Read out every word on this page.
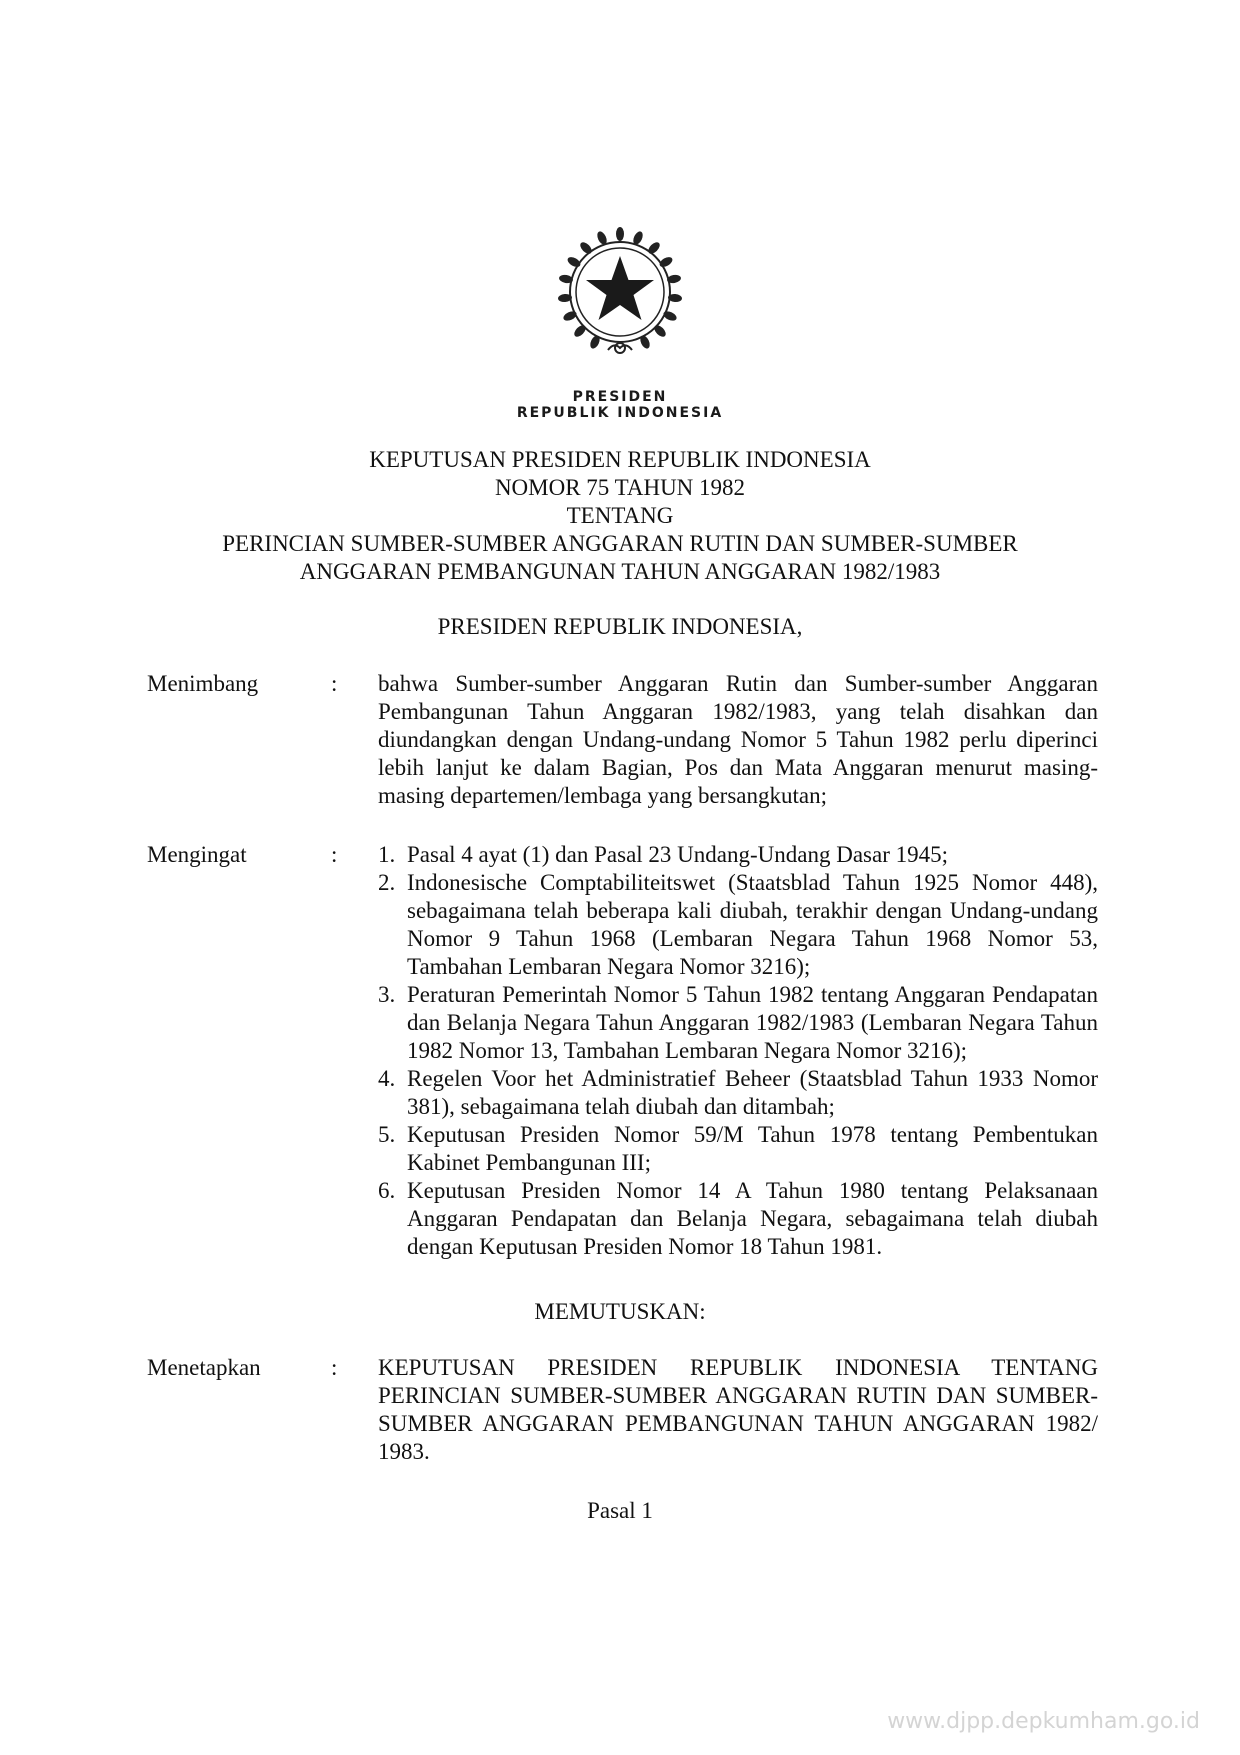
PRESIDEN
REPUBLIK INDONESIA
KEPUTUSAN PRESIDEN REPUBLIK INDONESIA
NOMOR 75 TAHUN 1982
TENTANG
PERINCIAN SUMBER-SUMBER ANGGARAN RUTIN DAN SUMBER-SUMBER
ANGGARAN PEMBANGUNAN TAHUN ANGGARAN 1982/1983
PRESIDEN REPUBLIK INDONESIA,
Menimbang	: bahwa Sumber-sumber Anggaran Rutin dan Sumber-sumber Anggaran Pembangunan Tahun Anggaran 1982/1983, yang telah disahkan dan diundangkan dengan Undang-undang Nomor 5 Tahun 1982 perlu diperinci lebih lanjut ke dalam Bagian, Pos dan Mata Anggaran menurut masing-masing departemen/lembaga yang bersangkutan;
Mengingat	: 1. Pasal 4 ayat (1) dan Pasal 23 Undang-Undang Dasar 1945;
2. Indonesische Comptabiliteitswet (Staatsblad Tahun 1925 Nomor 448), sebagaimana telah beberapa kali diubah, terakhir dengan Undang-undang Nomor 9 Tahun 1968 (Lembaran Negara Tahun 1968 Nomor 53, Tambahan Lembaran Negara Nomor 3216);
3. Peraturan Pemerintah Nomor 5 Tahun 1982 tentang Anggaran Pendapatan dan Belanja Negara Tahun Anggaran 1982/1983 (Lembaran Negara Tahun 1982 Nomor 13, Tambahan Lembaran Negara Nomor 3216);
4. Regelen Voor het Administratief Beheer (Staatsblad Tahun 1933 Nomor 381), sebagaimana telah diubah dan ditambah;
5. Keputusan Presiden Nomor 59/M Tahun 1978 tentang Pembentukan Kabinet Pembangunan III;
6. Keputusan Presiden Nomor 14 A Tahun 1980 tentang Pelaksanaan Anggaran Pendapatan dan Belanja Negara, sebagaimana telah diubah dengan Keputusan Presiden Nomor 18 Tahun 1981.
MEMUTUSKAN:
Menetapkan	: KEPUTUSAN PRESIDEN REPUBLIK INDONESIA TENTANG PERINCIAN SUMBER-SUMBER ANGGARAN RUTIN DAN SUMBER-SUMBER ANGGARAN PEMBANGUNAN TAHUN ANGGARAN 1982/ 1983.
Pasal 1
www.djpp.depkumham.go.id
